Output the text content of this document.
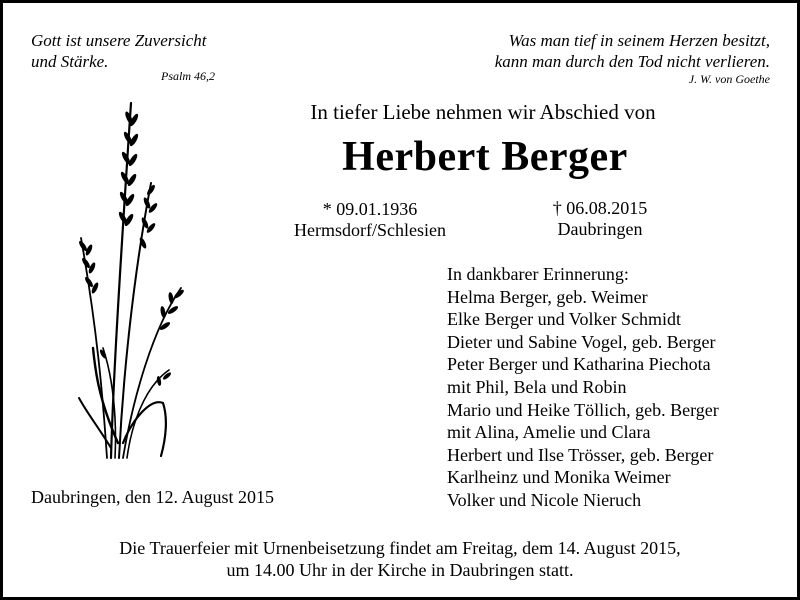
Gott ist unsere Zuversicht
und Stärke.
Psalm 46,2
Was man tief in seinem Herzen besitzt,
kann man durch den Tod nicht verlieren.
J. W. von Goethe
In tiefer Liebe nehmen wir Abschied von
Herbert Berger
* 09.01.1936
Hermsdorf/Schlesien
† 06.08.2015
Daubringen
In dankbarer Erinnerung:
Helma Berger, geb. Weimer
Elke Berger und Volker Schmidt
Dieter und Sabine Vogel, geb. Berger
Peter Berger und Katharina Piechota
mit Phil, Bela und Robin
Mario und Heike Töllich, geb. Berger
mit Alina, Amelie und Clara
Herbert und Ilse Trösser, geb. Berger
Karlheinz und Monika Weimer
Volker und Nicole Nieruch
Daubringen, den 12. August 2015
Die Trauerfeier mit Urnenbeisetzung findet am Freitag, dem 14. August 2015,
um 14.00 Uhr in der Kirche in Daubringen statt.
